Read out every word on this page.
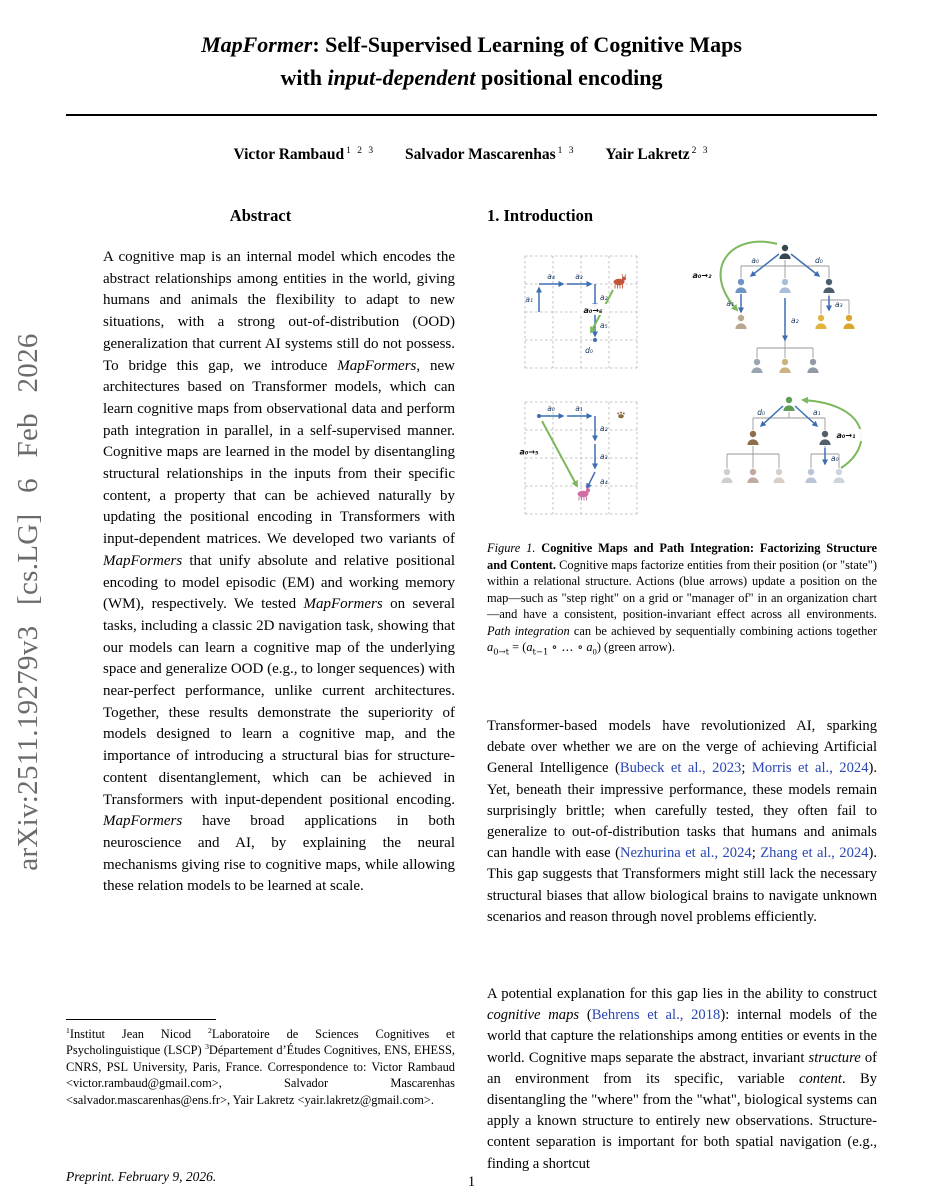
arXiv:2511.19279v3 [cs.LG] 6 Feb 2026
MapFormer: Self-Supervised Learning of Cognitive Maps
with input-dependent positional encoding
Victor Rambaud $^{1 2 3}$ Salvador Mascarenhas $^{1 3}$ Yair Lakretz $^{2 3}$
Abstract
A cognitive map is an internal model which encodes the abstract relationships among entities in the world, giving humans and animals the flexibility to adapt to new situations, with a strong out-of-distribution (OOD) generalization that current AI systems still do not possess. To bridge this gap, we introduce MapFormers, new architectures based on Transformer models, which can learn cognitive maps from observational data and perform path integration in parallel, in a self-supervised manner. Cognitive maps are learned in the model by disentangling structural relationships in the inputs from their specific content, a property that can be achieved naturally by updating the positional encoding in Transformers with input-dependent matrices. We developed two variants of MapFormers that unify absolute and relative positional encoding to model episodic (EM) and working memory (WM), respectively. We tested MapFormers on several tasks, including a classic 2D navigation task, showing that our models can learn a cognitive map of the underlying space and generalize OOD (e.g., to longer sequences) with near-perfect performance, unlike current architectures. Together, these results demonstrate the superiority of models designed to learn a cognitive map, and the importance of introducing a structural bias for structure-content disentanglement, which can be achieved in Transformers with input-dependent positional encoding. MapFormers have broad applications in both neuroscience and AI, by explaining the neural mechanisms giving rise to cognitive maps, while allowing these relation models to be learned at scale.
$^1$Institut Jean Nicod $^2$Laboratoire de Sciences Cognitives et Psycholinguistique (LSCP) $^3$Département d’Études Cognitives, ENS, EHESS, CNRS, PSL University, Paris, France. Correspondence to: Victor Rambaud <victor.rambaud@gmail.com>, Salvador Mascarenhas <salvador.mascarenhas@ens.fr>, Yair Lakretz <yair.lakretz@gmail.com>.
Preprint. February 9, 2026.
1. Introduction
a₁
a₄	a₃
a₂
a₅
d₀
a₀→₆
a₀	d₀
a₁
a₂
a₃
a₀→₂
a₀	a₁
a₂
a₃
a₄
a₀→₅
a₁
d₀
a₀
a₀→₁
Figure 1. Cognitive Maps and Path Integration: Factorizing Structure and Content. Cognitive maps factorize entities from their position (or "state") within a relational structure. Actions (blue arrows) update a position on the map—such as "step right" on a grid or "manager of" in an organization chart—and have a consistent, position-invariant effect across all environments. Path integration can be achieved by sequentially combining actions together $a_{0\to t} = (a_{t-1}$ ∘ ... ∘ $a_0$) (green arrow).
Transformer-based models have revolutionized AI, sparking debate over whether we are on the verge of achieving Artificial General Intelligence (Bubeck et al., 2023; Morris et al., 2024). Yet, beneath their impressive performance, these models remain surprisingly brittle; when carefully tested, they often fail to generalize to out-of-distribution tasks that humans and animals can handle with ease (Nezhurina et al., 2024; Zhang et al., 2024). This gap suggests that Transformers might still lack the necessary structural biases that allow biological brains to navigate unknown scenarios and reason through novel problems efficiently.
A potential explanation for this gap lies in the ability to construct cognitive maps (Behrens et al., 2018): internal models of the world that capture the relationships among entities or events in the world. Cognitive maps separate the abstract, invariant structure of an environment from its specific, variable content. By disentangling the "where" from the "what", biological systems can apply a known structure to entirely new observations. Structure-content separation is important for both spatial navigation (e.g., finding a shortcut
1
